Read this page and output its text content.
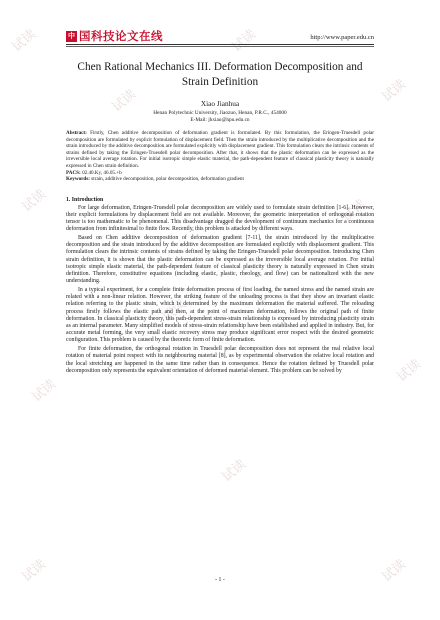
试读
试读
试读
试读
试读	试读
试读
试读
试读
试读
试读	试读
中 国科技论文在线	http://www.paper.edu.cn
Chen Rational Mechanics III. Deformation Decomposition and Strain Definition

Xiao Jianhua

Henan Polytechnic University, Jiaozuo, Henan, P.R.C., 454000

E-Mail: jhxiao@hpu.edu.cn

Abstract: Firstly, Chen additive decomposition of deformation gradient is formulated. By this formulation, the Eringen-Truesdell polar decomposition are formulated by explicit formulation of displacement field. Then the strain introduced by the multiplicative decomposition and the strain introduced by the additive decomposition are formulated explicitly with displacement gradient. This formulation clears the intrinsic contents of strains defined by taking the Eringen-Truesdell polar decomposition. After that, it shows that the plastic deformation can be expressed as the irreversible local average rotation. For initial isotropic simple elastic material, the path-dependent feature of classical plasticity theory is naturally expressed in Chen strain definition.

PACS: 02.40.Ky, 46.05.+b

Keywords: strain, additive decomposition, polar decomposition, deformation gradient

1. Introduction

For large deformation, Eringen-Truesdell polar decomposition are widely used to formulate strain definition [1-6]. However, their explicit formulations by displacement field are not available. Moreover, the geometric interpretation of orthogonal rotation tensor is too mathematic to be phenomenal. This disadvantage dragged the development of continuum mechanics for a continuous deformation from infinitesimal to finite flow. Recently, this problem is attacked by different ways.

Based on Chen additive decomposition of deformation gradient [7-11], the strain introduced by the multiplicative decomposition and the strain introduced by the additive decomposition are formulated explicitly with displacement gradient. This formulation clears the intrinsic contents of strains defined by taking the Eringen-Truesdell polar decomposition. Introducing Chen strain definition, it is shown that the plastic deformation can be expressed as the irreversible local average rotation. For initial isotropic simple elastic material, the path-dependent feature of classical plasticity theory is naturally expressed in Chen strain definition. Therefore, constitutive equations (including elastic, plastic, rheology, and flow) can be nationalized with the new understanding.

In a typical experiment, for a complete finite deformation process of first loading, the named stress and the named strain are related with a non-linear relation. However, the striking feature of the unloading process is that they show an invariant elastic relation referring to the plastic strain, which is determined by the maximum deformation the material suffered. The reloading process firstly follows the elastic path and then, at the point of maximum deformation, follows the original path of finite deformation. In classical plasticity theory, this path-dependent stress-strain relationship is expressed by introducing plasticity strain as an internal parameter. Many simplified models of stress-strain relationship have been established and applied in industry. But, for accurate metal forming, the very small elastic recovery stress may produce significant error respect with the desired geometric configuration. This problem is caused by the theoretic form of finite deformation.

For finite deformation, the orthogonal rotation in Truesdell polar decomposition does not represent the real relative local rotation of material point respect with its neighbouring material [8], as by experimental observation the relative local rotation and the local stretching are happened in the same time rather than in consequence. Hence the rotation defined by Truesdell polar decomposition only represents the equivalent orientation of deformed material element. This problem can be solved by

- 1 -
